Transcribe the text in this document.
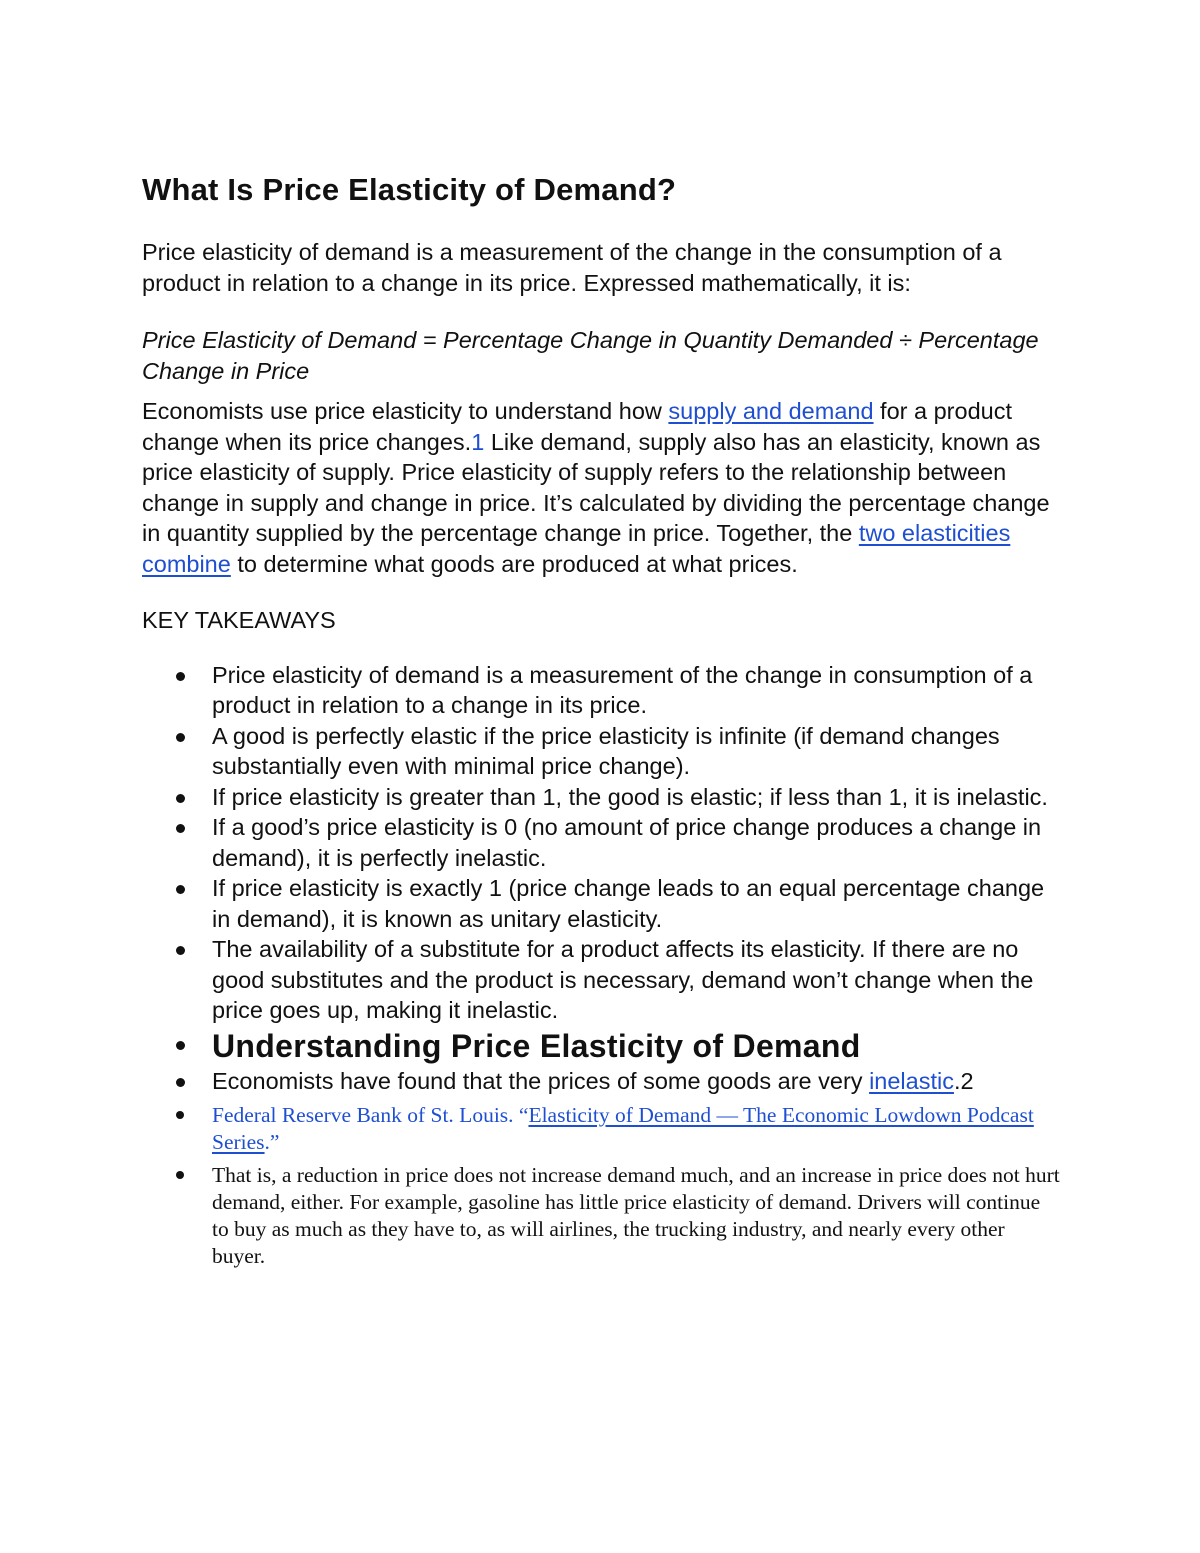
What Is Price Elasticity of Demand?

Price elasticity of demand is a measurement of the change in the consumption of a product in relation to a change in its price. Expressed mathematically, it is:

Price Elasticity of Demand = Percentage Change in Quantity Demanded ÷ Percentage Change in Price

Economists use price elasticity to understand how supply and demand for a product change when its price changes.1 Like demand, supply also has an elasticity, known as price elasticity of supply. Price elasticity of supply refers to the relationship between change in supply and change in price. It’s calculated by dividing the percentage change in quantity supplied by the percentage change in price. Together, the two elasticities combine to determine what goods are produced at what prices.

KEY TAKEAWAYS
Price elasticity of demand is a measurement of the change in consumption of a product in relation to a change in its price.
A good is perfectly elastic if the price elasticity is infinite (if demand changes substantially even with minimal price change).
If price elasticity is greater than 1, the good is elastic; if less than 1, it is inelastic.
If a good’s price elasticity is 0 (no amount of price change produces a change in demand), it is perfectly inelastic.
If price elasticity is exactly 1 (price change leads to an equal percentage change in demand), it is known as unitary elasticity.
The availability of a substitute for a product affects its elasticity. If there are no good substitutes and the product is necessary, demand won’t change when the price goes up, making it inelastic.
Understanding Price Elasticity of Demand
Economists have found that the prices of some goods are very inelastic.2
Federal Reserve Bank of St. Louis. “Elasticity of Demand — The Economic Lowdown Podcast Series.”
That is, a reduction in price does not increase demand much, and an increase in price does not hurt demand, either. For example, gasoline has little price elasticity of demand. Drivers will continue to buy as much as they have to, as will airlines, the trucking industry, and nearly every other buyer.
